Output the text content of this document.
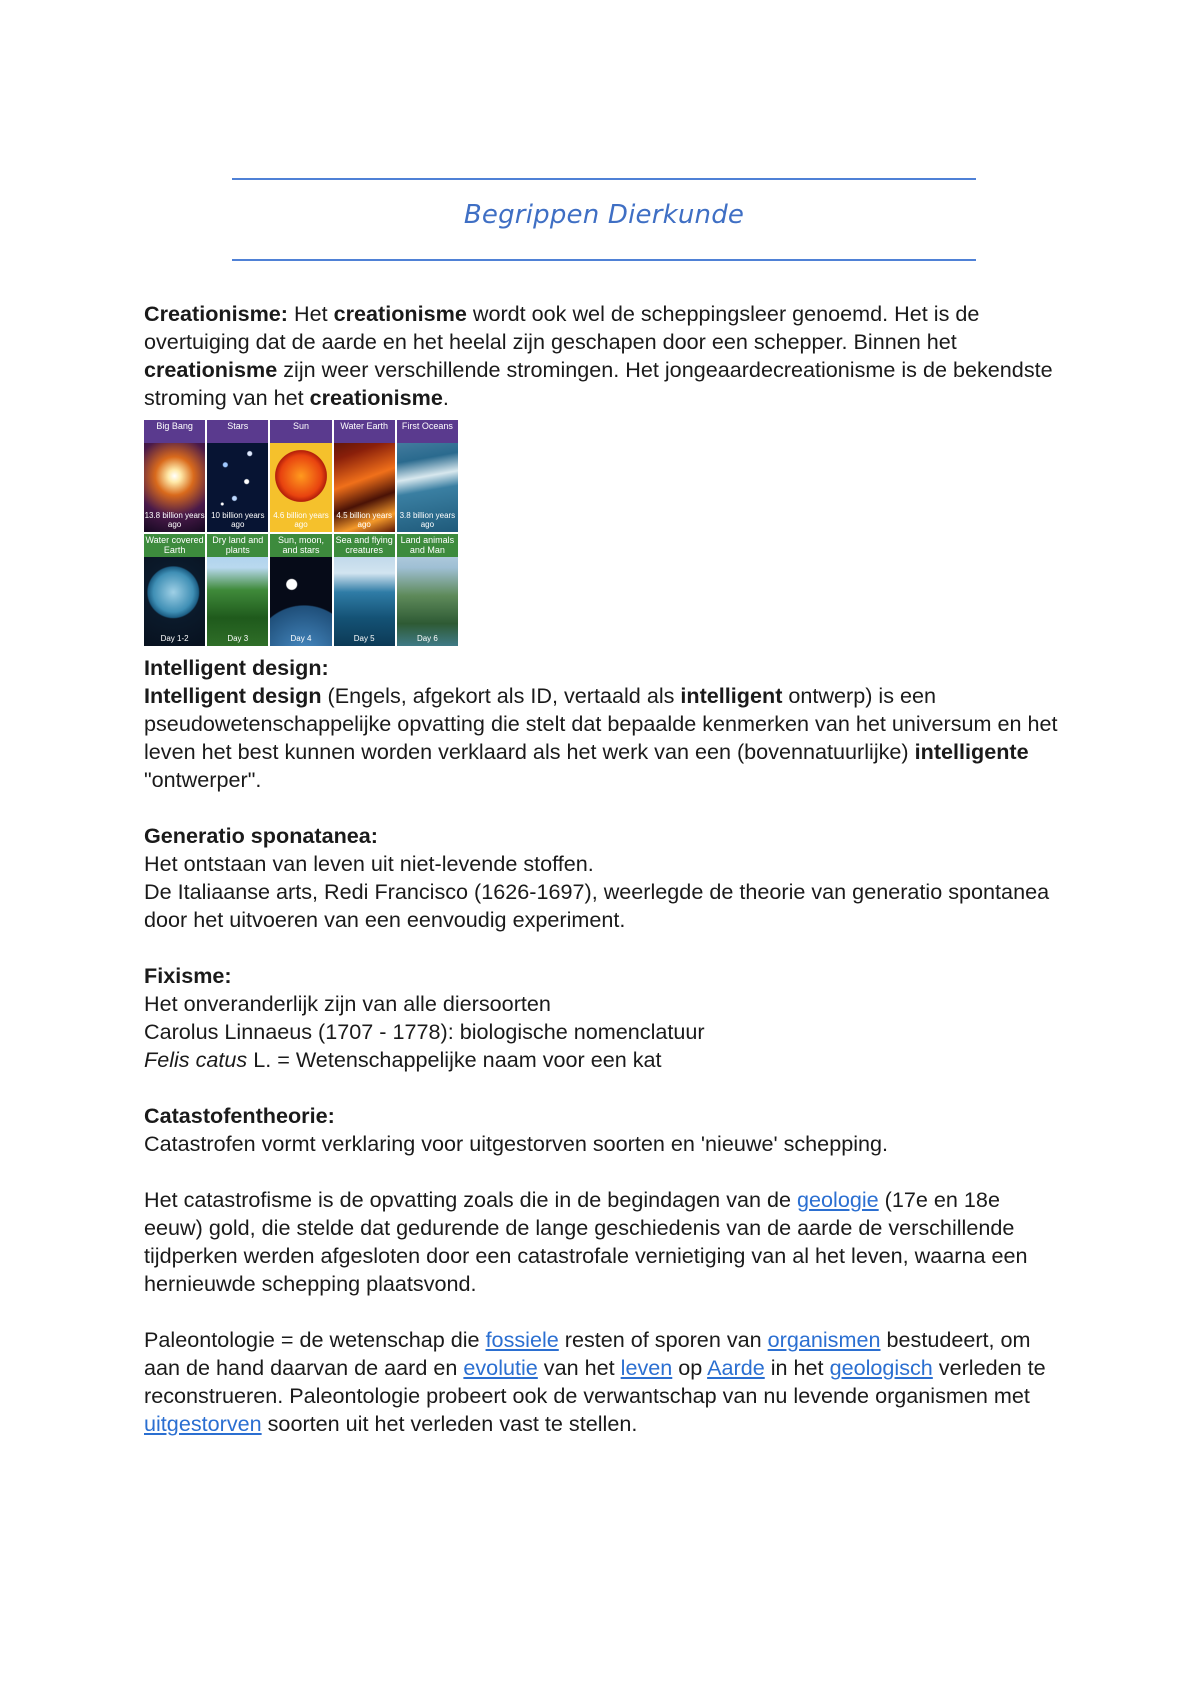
Begrippen Dierkunde

Creationisme: Het creationisme wordt ook wel de scheppingsleer genoemd. Het is de overtuiging dat de aarde en het heelal zijn geschapen door een schepper. Binnen het creationisme zijn weer verschillende stromingen. Het jongeaardecreationisme is de bekendste stroming van het creationisme.

Big Bang
13.8 billion years ago
Stars
10 billion years ago
Sun
4.6 billion years ago
Water Earth
4.5 billion years ago
First Oceans
3.8 billion years ago
Water covered Earth
Day 1-2
Dry land and plants
Day 3
Sun, moon, and stars
Day 4
Sea and flying creatures
Day 5
Land animals and Man
Day 6

Intelligent design:

Intelligent design (Engels, afgekort als ID, vertaald als intelligent ontwerp) is een pseudowetenschappelijke opvatting die stelt dat bepaalde kenmerken van het universum en het leven het best kunnen worden verklaard als het werk van een (bovennatuurlijke) intelligente "ontwerper".

Generatio sponatanea:

Het ontstaan van leven uit niet-levende stoffen.

De Italiaanse arts, Redi Francisco (1626-1697), weerlegde de theorie van generatio spontanea door het uitvoeren van een eenvoudig experiment.

Fixisme:

Het onveranderlijk zijn van alle diersoorten

Carolus Linnaeus (1707 - 1778): biologische nomenclatuur

Felis catus L. = Wetenschappelijke naam voor een kat

Catastofentheorie:

Catastrofen vormt verklaring voor uitgestorven soorten en 'nieuwe' schepping.

Het catastrofisme is de opvatting zoals die in de begindagen van de geologie (17e en 18e eeuw) gold, die stelde dat gedurende de lange geschiedenis van de aarde de verschillende tijdperken werden afgesloten door een catastrofale vernietiging van al het leven, waarna een hernieuwde schepping plaatsvond.

Paleontologie = de wetenschap die fossiele resten of sporen van organismen bestudeert, om aan de hand daarvan de aard en evolutie van het leven op Aarde in het geologisch verleden te reconstrueren. Paleontologie probeert ook de verwantschap van nu levende organismen met uitgestorven soorten uit het verleden vast te stellen.
